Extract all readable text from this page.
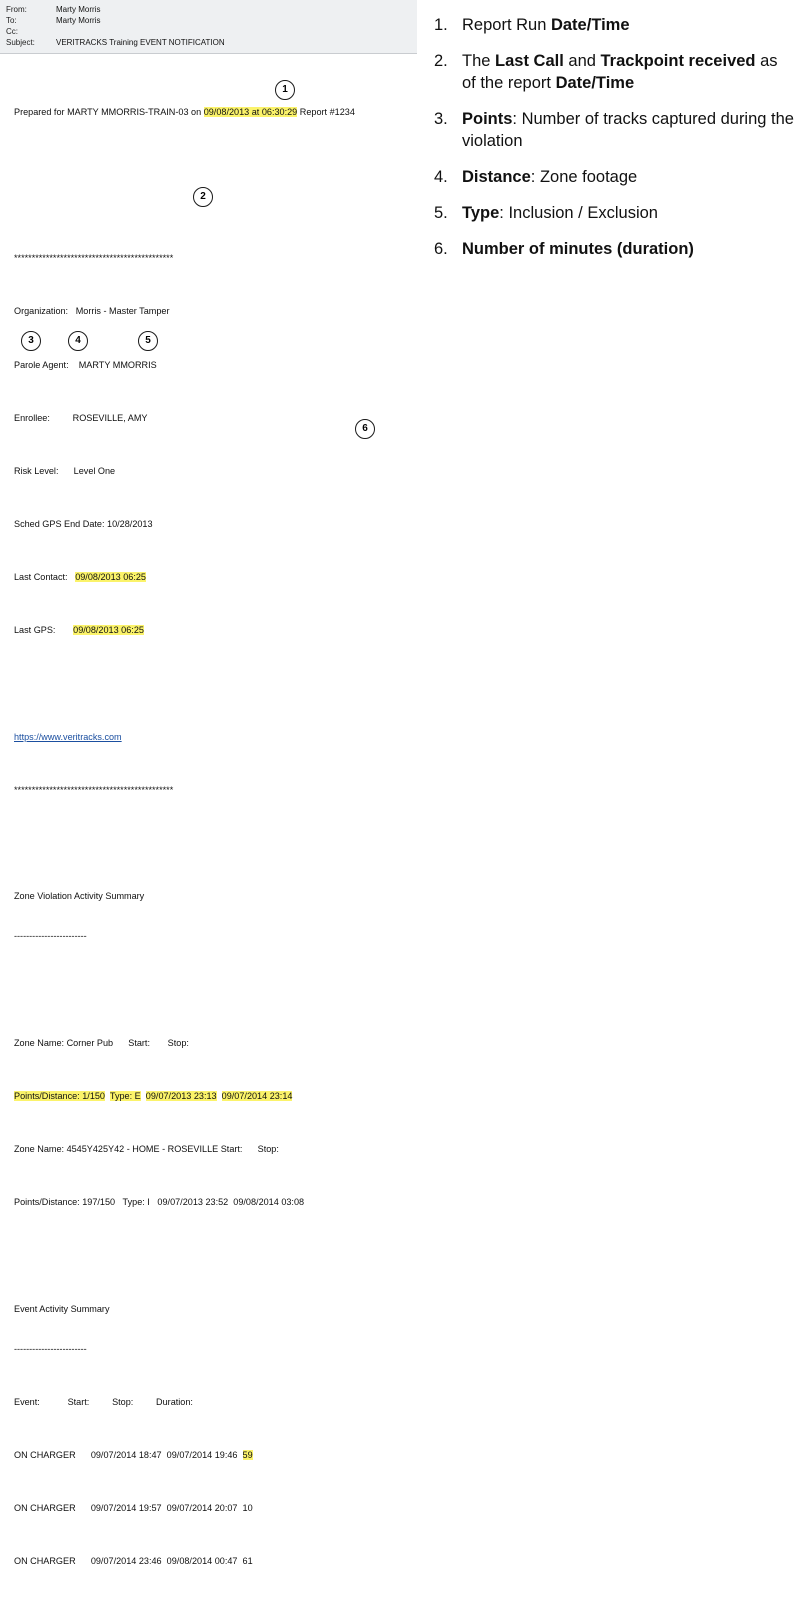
From:	Marty Morris
To:	Marty Morris
Cc:
Subject:	VERITRACKS Training EVENT NOTIFICATION

Prepared for MARTY MMORRIS-TRAIN-03 on 09/08/2013 at 06:30:29 Report #1234

*********************************************

Organization: Morris - Master Tamper

Parole Agent: MARTY MMORRIS

Enrollee:	ROSEVILLE, AMY

Risk Level: Level One

Sched GPS End Date: 10/28/2013

Last Contact: 09/08/2013 06:25

Last GPS: 09/08/2013 06:25

https://www.veritracks.com

*********************************************

Zone Violation Activity Summary

------------------------

Zone Name: Corner Pub Start: Stop:

Points/Distance: 1/150 Type: E 09/07/2013 23:13 09/07/2014 23:14

Zone Name: 4545Y425Y42 - HOME - ROSEVILLE Start: Stop:

Points/Distance: 197/150 Type: I 09/07/2013 23:52 09/08/2014 03:08

Event Activity Summary

------------------------

Event:	Start:	Stop:	Duration:

ON CHARGER 09/07/2014 18:47 09/07/2014 19:46 59

ON CHARGER 09/07/2014 19:57 09/07/2014 20:07 10

ON CHARGER 09/07/2014 23:46 09/08/2014 00:47 61

1
2
3	4	5
6
1. Report Run Date/Time
2. The Last Call and Trackpoint received as of the report Date/Time
3. Points: Number of tracks captured during the violation
4. Distance: Zone footage
5. Type: Inclusion / Exclusion
6. Number of minutes (duration)
